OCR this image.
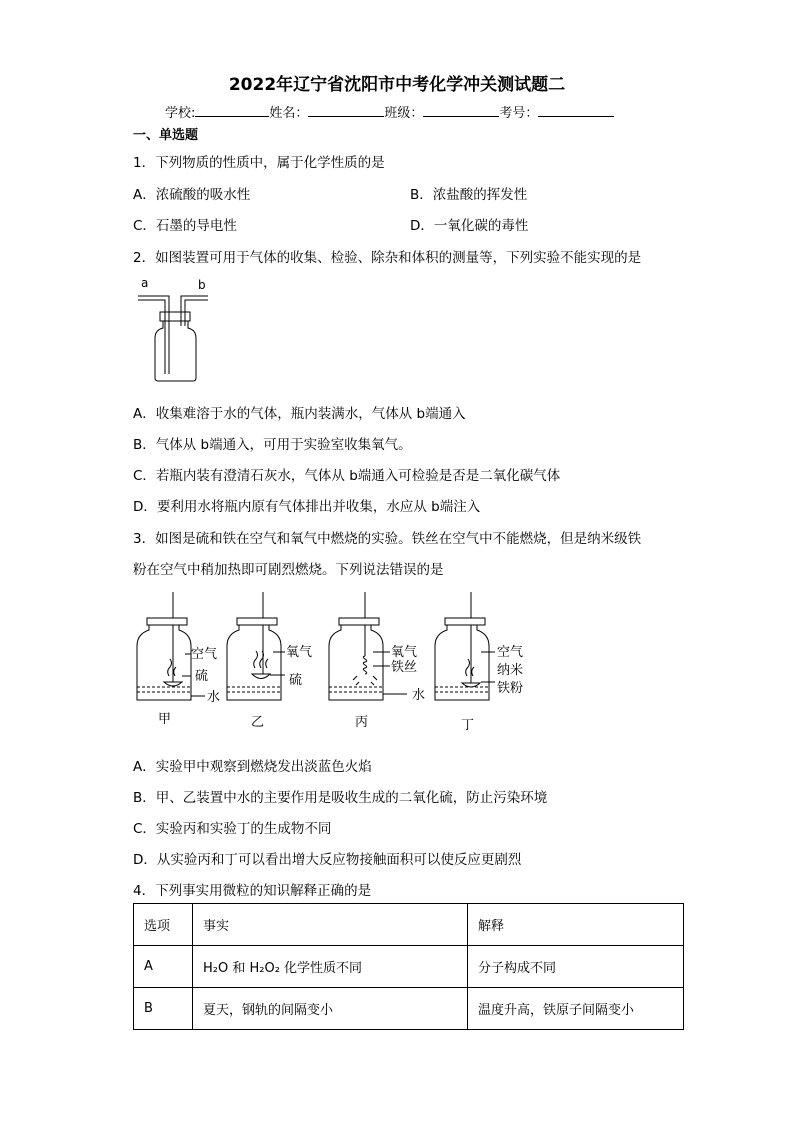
2022年辽宁省沈阳市中考化学冲关测试题二
学校:	姓名：	班级：	考号：
一、单选题
1．下列物质的性质中，属于化学性质的是
A．浓硫酸的吸水性	B．浓盐酸的挥发性
C．石墨的导电性	D．一氧化碳的毒性
2．如图装置可用于气体的收集、检验、除杂和体积的测量等，下列实验不能实现的是
a	b
A．收集难溶于水的气体，瓶内装满水，气体从 b端通入
B．气体从 b端通入，可用于实验室收集氧气。
C．若瓶内装有澄清石灰水，气体从 b端通入可检验是否是二氧化碳气体
D．要利用水将瓶内原有气体排出并收集，水应从 b端注入
3．如图是硫和铁在空气和氧气中燃烧的实验。铁丝在空气中不能燃烧，但是纳米级铁
粉在空气中稍加热即可剧烈燃烧。下列说法错误的是
空气
硫
水
氧气
硫
氧气
铁丝
水
空气
纳米
铁粉
甲	乙	丙	丁
A．实验甲中观察到燃烧发出淡蓝色火焰
B．甲、乙装置中水的主要作用是吸收生成的二氧化硫，防止污染环境
C．实验丙和实验丁的生成物不同
D．从实验丙和丁可以看出增大反应物接触面积可以使反应更剧烈
4．下列事实用微粒的知识解释正确的是
选项	事实	解释
A	H₂O 和 H₂O₂ 化学性质不同	分子构成不同
B	夏天，钢轨的间隔变小	温度升高，铁原子间隔变小
